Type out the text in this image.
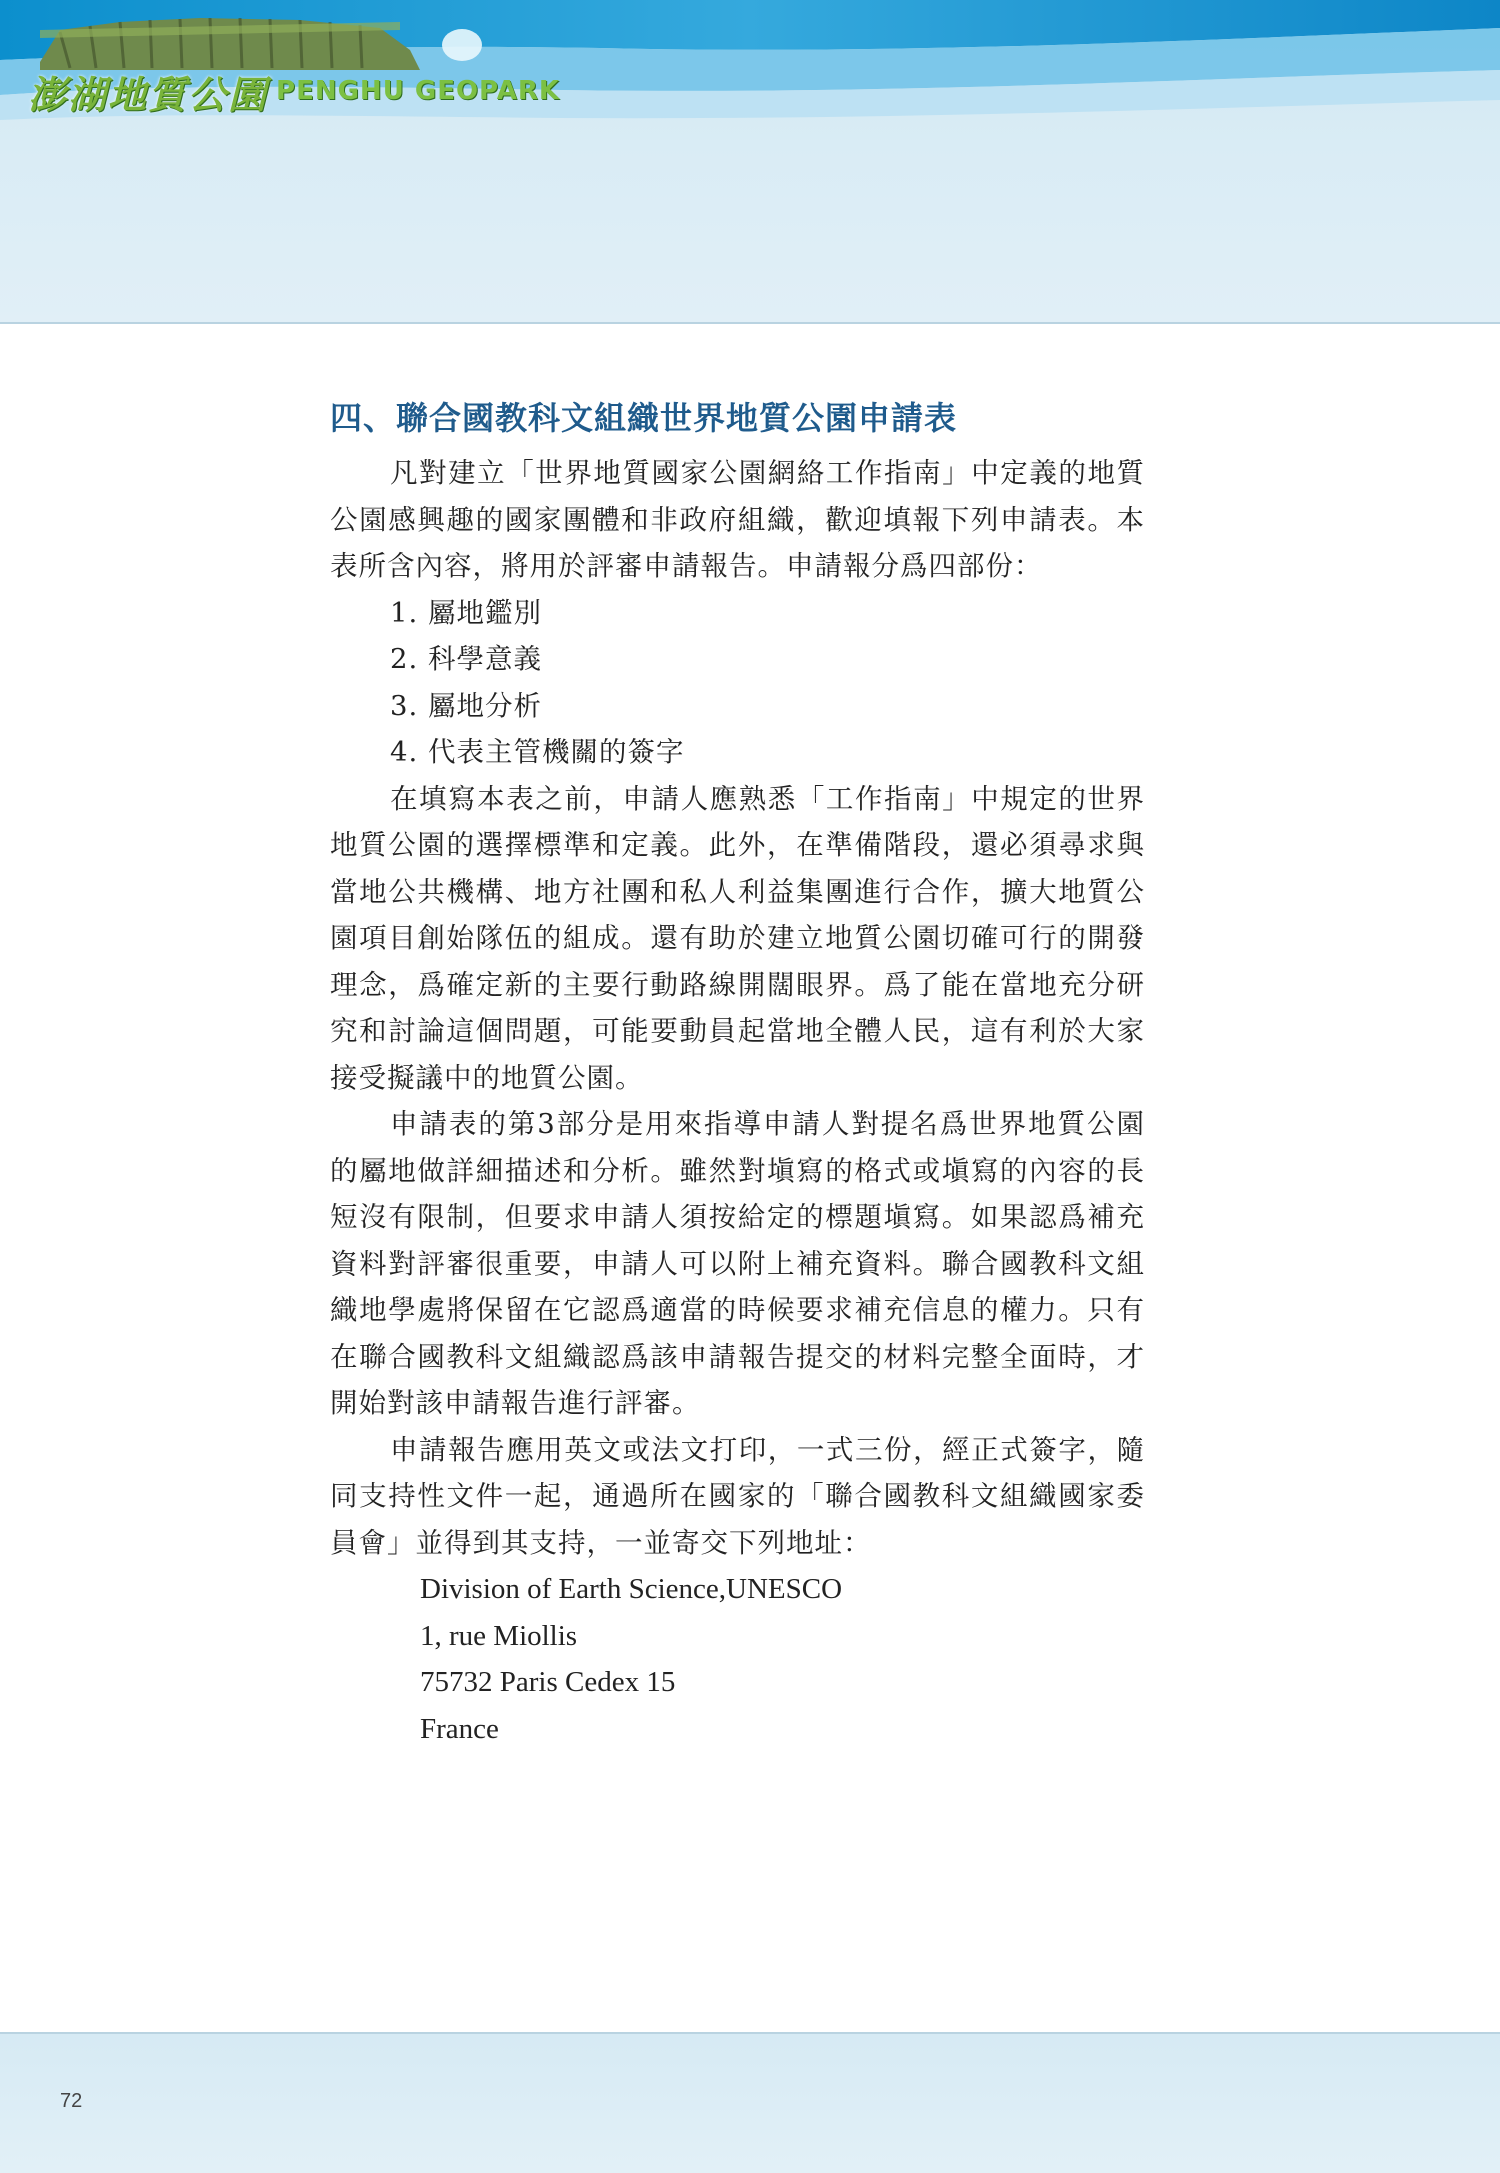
澎湖地質公園 PENGHU GEOPARK
四、聯合國教科文組織世界地質公園申請表

凡對建立「世界地質國家公園網絡工作指南」中定義的地質公園感興趣的國家團體和非政府組織，歡迎填報下列申請表。本表所含內容，將用於評審申請報告。申請報分爲四部份：

1. 屬地鑑別
2. 科學意義
3. 屬地分析
4. 代表主管機關的簽字

在填寫本表之前，申請人應熟悉「工作指南」中規定的世界地質公園的選擇標準和定義。此外，在準備階段，還必須尋求與當地公共機構、地方社團和私人利益集團進行合作，擴大地質公園項目創始隊伍的組成。還有助於建立地質公園切確可行的開發理念，爲確定新的主要行動路線開闊眼界。爲了能在當地充分研究和討論這個問題，可能要動員起當地全體人民，這有利於大家接受擬議中的地質公園。

申請表的第3部分是用來指導申請人對提名爲世界地質公園的屬地做詳細描述和分析。雖然對塡寫的格式或塡寫的內容的長短沒有限制，但要求申請人須按給定的標題塡寫。如果認爲補充資料對評審很重要，申請人可以附上補充資料。聯合國教科文組織地學處將保留在它認爲適當的時候要求補充信息的權力。只有在聯合國教科文組織認爲該申請報告提交的材料完整全面時，才開始對該申請報告進行評審。

申請報告應用英文或法文打印，一式三份，經正式簽字，隨同支持性文件一起，通過所在國家的「聯合國教科文組織國家委員會」並得到其支持，一並寄交下列地址：

Division of Earth Science,UNESCO
1, rue Miollis
75732 Paris Cedex 15
France
72
